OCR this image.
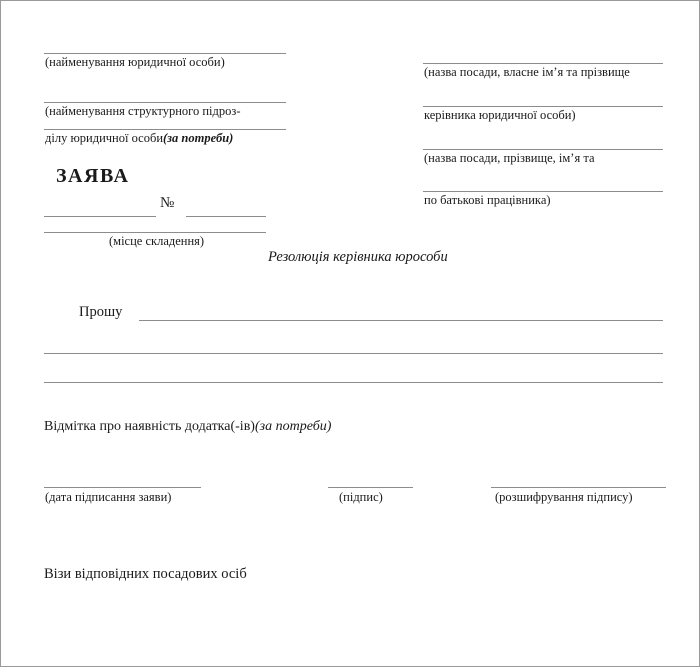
(найменування юридичної особи)
(найменування структурного підроз-
ділу юридичної особи(за потреби)
(назва посади, власне ім’я та прізвище
керівника юридичної особи)
(назва посади, прізвище, ім’я та
по батькові працівника)
ЗАЯВА
№
(місце складення)
Резолюція керівника юрособи
Прошу
Відмітка про наявність додатка(-ів)(за потреби)
(дата підписання заяви)	(підпис)	(розшифрування підпису)
Візи відповідних посадових осіб
